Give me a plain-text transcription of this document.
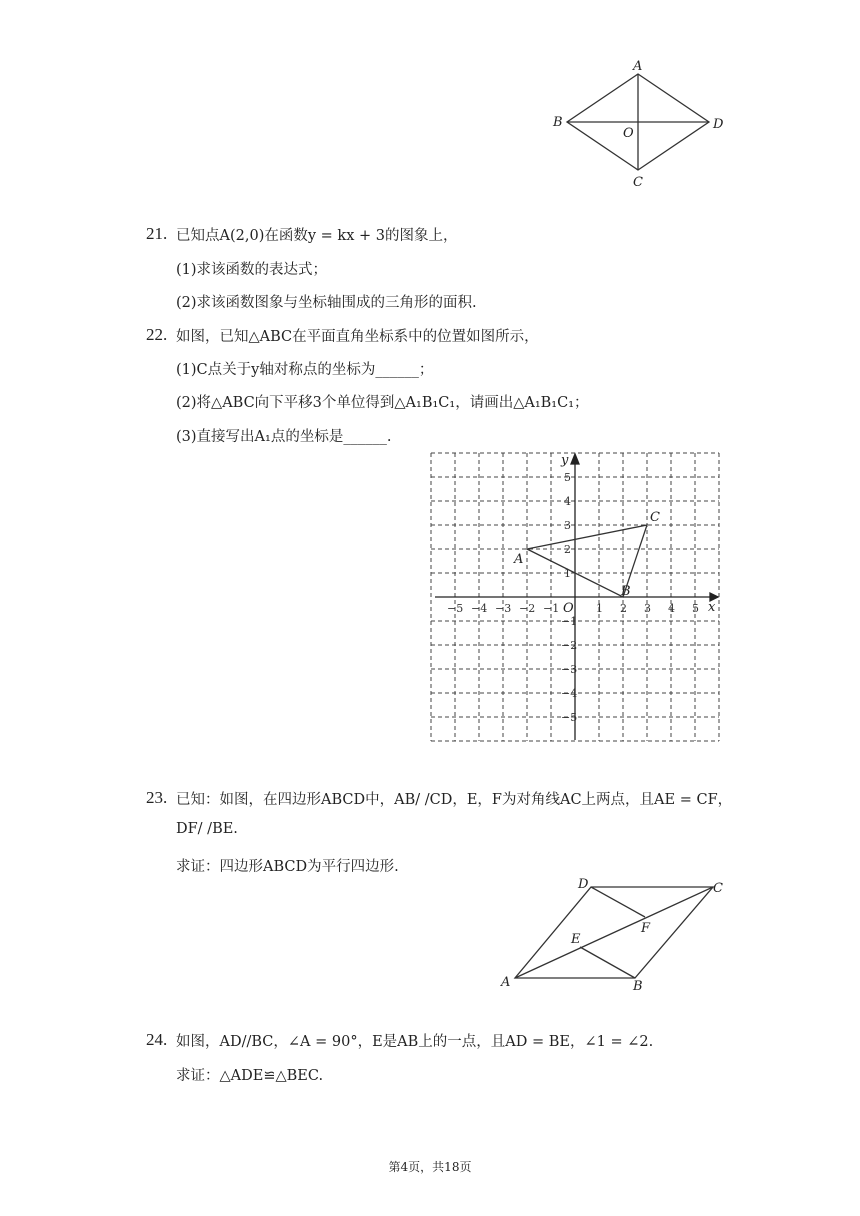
A
B
C
D
O
21. 已知点A(2,0)在函数y = kx + 3的图象上，
(1)求该函数的表达式；
(2)求该函数图象与坐标轴围成的三角形的面积.
22. 如图，已知△ABC在平面直角坐标系中的位置如图所示，
(1)C点关于y轴对称点的坐标为______；
(2)将△ABC向下平移3个单位得到△A₁B₁C₁，请画出△A₁B₁C₁；
(3)直接写出A₁点的坐标是______.
−5 −4 −3 −2 −1	1 2 3 4 5
5
4
3
2
1
−1
−2
−3
−4
−5
A
B
C
x
y
O
23. 已知：如图，在四边形ABCD中，AB/ /CD，E，F为对角线AC上两点，且AE = CF，
DF/ /BE.
求证：四边形ABCD为平行四边形.
A	B
C
D
E
F
24. 如图，AD//BC，∠A = 90°，E是AB上的一点，且AD = BE，∠1 = ∠2.
求证：△ADE≌△BEC.
第4页，共18页
